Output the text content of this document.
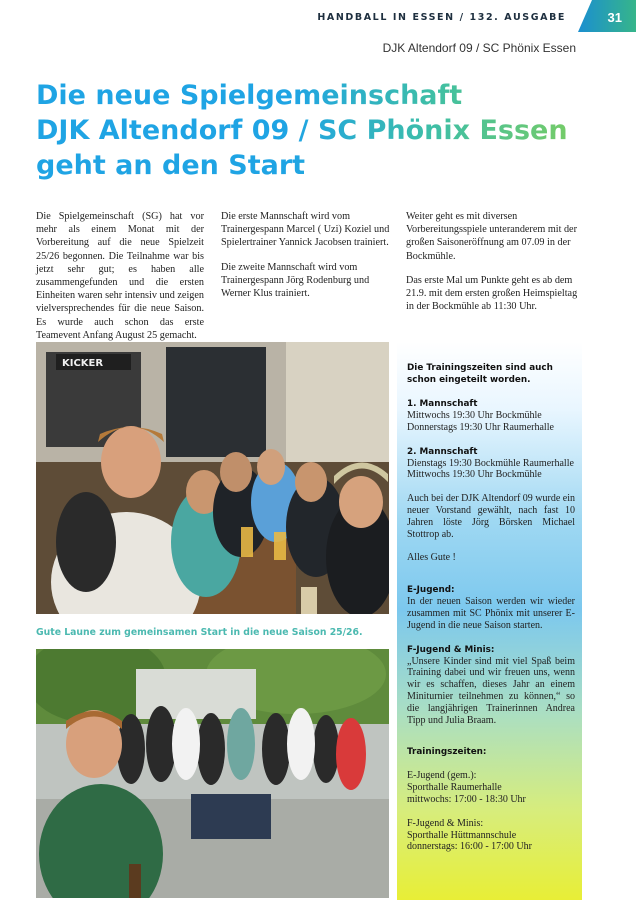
31
HANDBALL IN ESSEN / 132. AUSGABE
DJK Altendorf 09 / SC Phönix Essen
Die neue Spielgemeinschaft
DJK Altendorf 09 / SC Phönix Essen
geht an den Start

Die Spielgemeinschaft (SG) hat vor mehr als einem Monat mit der Vorbereitung auf die neue Spielzeit 25/26 begonnen. Die Teilnahme war bis jetzt sehr gut; es haben alle zusammengefunden und die ersten Einheiten waren sehr intensiv und zeigen vielversprechendes für die neue Saison. Es wurde auch schon das erste Teamevent Anfang August 25 gemacht.

Die erste Mannschaft wird vom Trainergespann Marcel ( Uzi) Koziel und Spielertrainer Yannick Jacobsen trainiert.

Die zweite Mannschaft wird vom Trainergespann Jörg Rodenburg und Werner Klus trainiert.

Weiter geht es mit diversen Vorbereitungsspiele unteranderem mit der großen Saisoneröffnung am 07.09 in der Bockmühle.

Das erste Mal um Punkte geht es ab dem 21.9. mit dem ersten großen Heimspieltag in der Bockmühle ab 11:30 Uhr.

KICKER
Gute Laune zum gemeinsamen Start in die neue Saison 25/26.

Die Trainingszeiten sind auch schon eingeteilt worden.

1. Mannschaft
Mittwochs 19:30 Uhr Bockmühle
Donnerstags 19:30 Uhr Raumerhalle
2. Mannschaft
Dienstags 19:30 Bockmühle Raumerhalle
Mittwochs 19:30 Uhr Bockmühle

Auch bei der DJK Altendorf 09 wurde ein neuer Vorstand gewählt, nach fast 10 Jahren löste Jörg Börsken Michael Stottrop ab.

Alles Gute !

E-Jugend:

In der neuen Saison werden wir wieder zusammen mit SC Phönix mit unserer E-Jugend in die neue Saison starten.

F-Jugend & Minis:

„Unsere Kinder sind mit viel Spaß beim Training dabei und wir freuen uns, wenn wir es schaffen, dieses Jahr an einem Miniturnier teilnehmen zu können,“ so die langjährigen Trainerinnen Andrea Tipp und Julia Braam.

Trainingszeiten:
E-Jugend (gem.):
Sporthalle Raumerhalle
mittwochs: 17:00 - 18:30 Uhr
F-Jugend & Minis:
Sporthalle Hüttmannschule
donnerstags: 16:00 - 17:00 Uhr
